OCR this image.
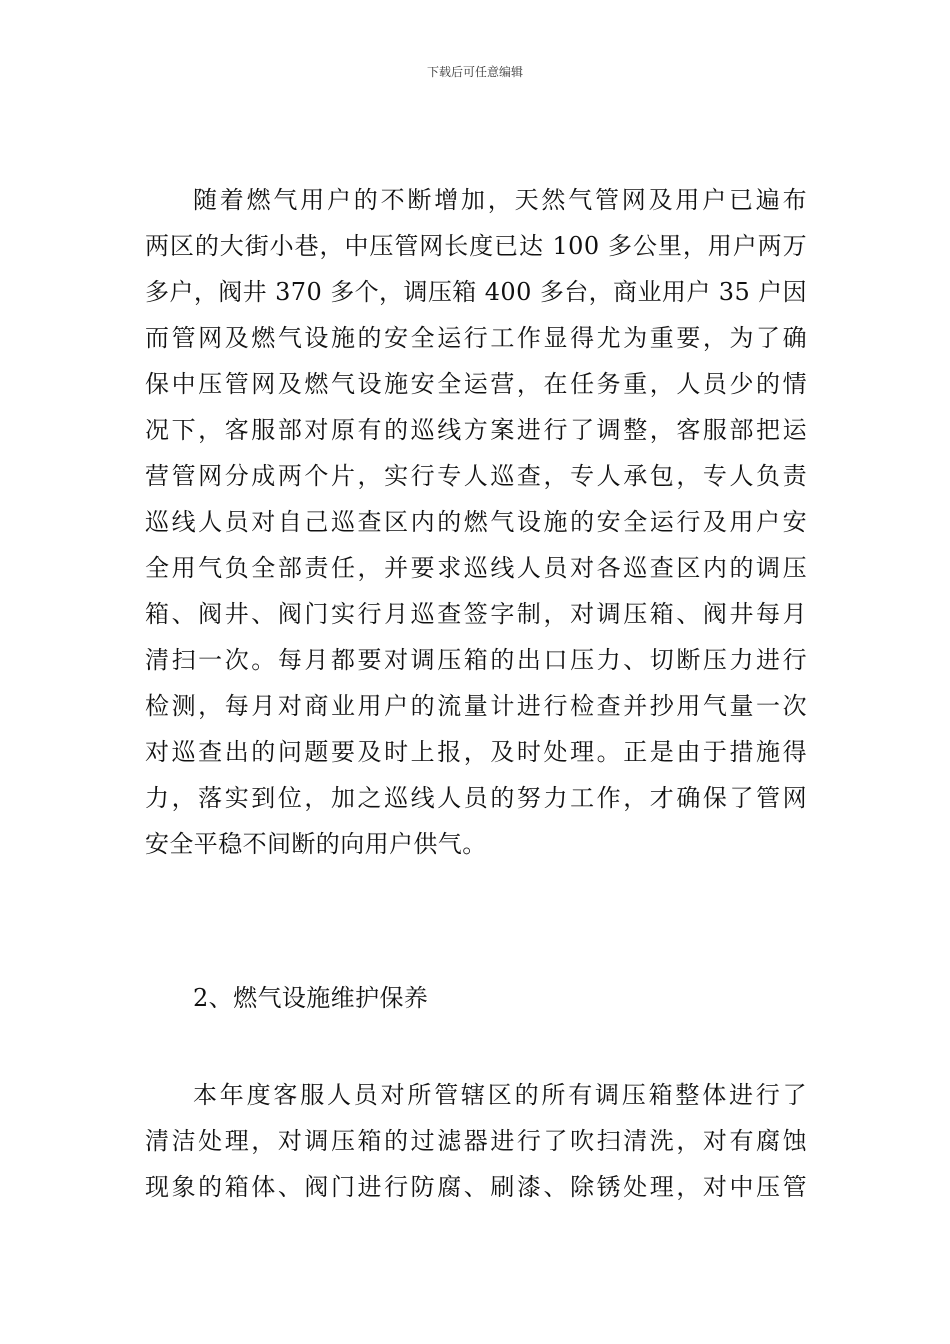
下载后可任意编辑
随着燃气用户的不断增加，天然气管网及用户已遍布
两区的大街小巷，中压管网长度已达 100 多公里，用户两万
多户，阀井 370 多个，调压箱 400 多台，商业用户 35 户因
而管网及燃气设施的安全运行工作显得尤为重要，为了确
保中压管网及燃气设施安全运营，在任务重，人员少的情
况下，客服部对原有的巡线方案进行了调整，客服部把运
营管网分成两个片，实行专人巡查，专人承包，专人负责
巡线人员对自己巡查区内的燃气设施的安全运行及用户安
全用气负全部责任，并要求巡线人员对各巡查区内的调压
箱、阀井、阀门实行月巡查签字制，对调压箱、阀井每月
清扫一次。每月都要对调压箱的出口压力、切断压力进行
检测，每月对商业用户的流量计进行检查并抄用气量一次
对巡查出的问题要及时上报，及时处理。正是由于措施得
力，落实到位，加之巡线人员的努力工作，才确保了管网
安全平稳不间断的向用户供气。
2、燃气设施维护保养
本年度客服人员对所管辖区的所有调压箱整体进行了
清洁处理，对调压箱的过滤器进行了吹扫清洗，对有腐蚀
现象的箱体、阀门进行防腐、刷漆、除锈处理，对中压管
